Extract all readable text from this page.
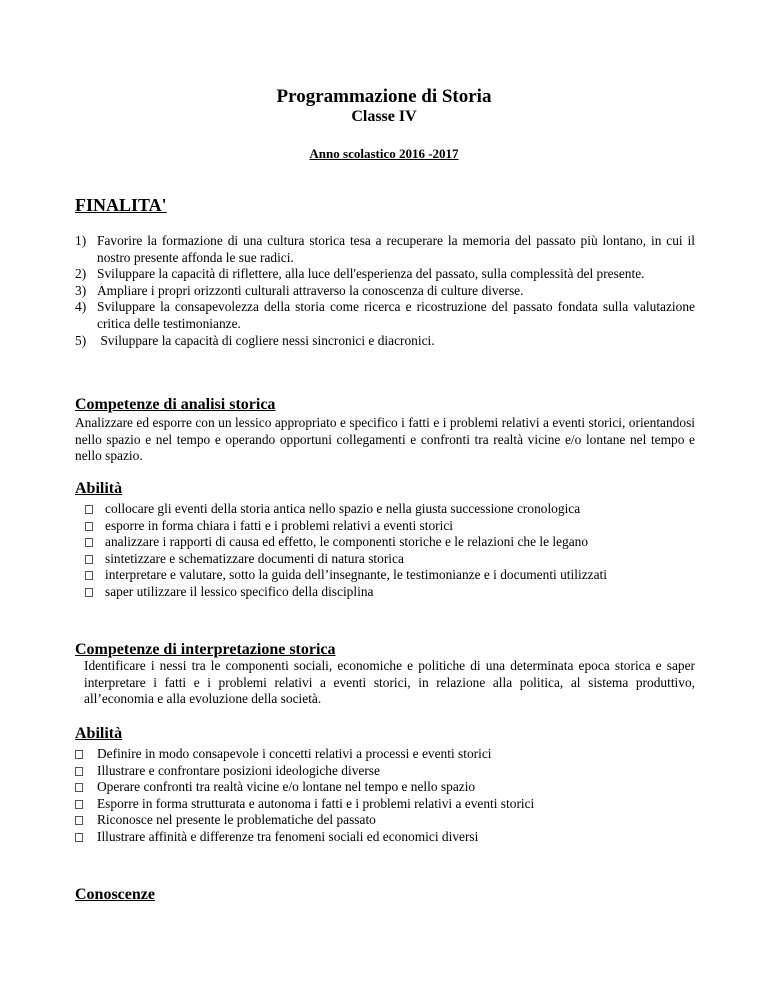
Programmazione di Storia
Classe IV
Anno scolastico 2016 -2017
FINALITA'
1) Favorire la formazione di una cultura storica tesa a recuperare la memoria del passato più lontano, in cui il nostro presente affonda le sue radici.
2) Sviluppare la capacità di riflettere, alla luce dell'esperienza del passato, sulla complessità del presente.
3) Ampliare i propri orizzonti culturali attraverso la conoscenza di culture diverse.
4) Sviluppare la consapevolezza della storia come ricerca e ricostruzione del passato fondata sulla valutazione critica delle testimonianze.
5) Sviluppare la capacità di cogliere nessi sincronici e diacronici.
Competenze di analisi storica
Analizzare ed esporre con un lessico appropriato e specifico i fatti e i problemi relativi a eventi storici, orientandosi nello spazio e nel tempo e operando opportuni collegamenti e confronti tra realtà vicine e/o lontane nel tempo e nello spazio.
Abilità
collocare gli eventi della storia antica nello spazio e nella giusta successione cronologica
esporre in forma chiara i fatti e i problemi relativi a eventi storici
analizzare i rapporti di causa ed effetto, le componenti storiche e le relazioni che le legano
sintetizzare e schematizzare documenti di natura storica
interpretare e valutare, sotto la guida dell’insegnante, le testimonianze e i documenti utilizzati
saper utilizzare il lessico specifico della disciplina
Competenze di interpretazione storica
Identificare i nessi tra le componenti sociali, economiche e politiche di una determinata epoca storica e saper interpretare i fatti e i problemi relativi a eventi storici, in relazione alla politica, al sistema produttivo, all’economia e alla evoluzione della società.
Abilità
Definire in modo consapevole i concetti relativi a processi e eventi storici
Illustrare e confrontare posizioni ideologiche diverse
Operare confronti tra realtà vicine e/o lontane nel tempo e nello spazio
Esporre in forma strutturata e autonoma i fatti e i problemi relativi a eventi storici
Riconosce nel presente le problematiche del passato
Illustrare affinità e differenze tra fenomeni sociali ed economici diversi
Conoscenze
